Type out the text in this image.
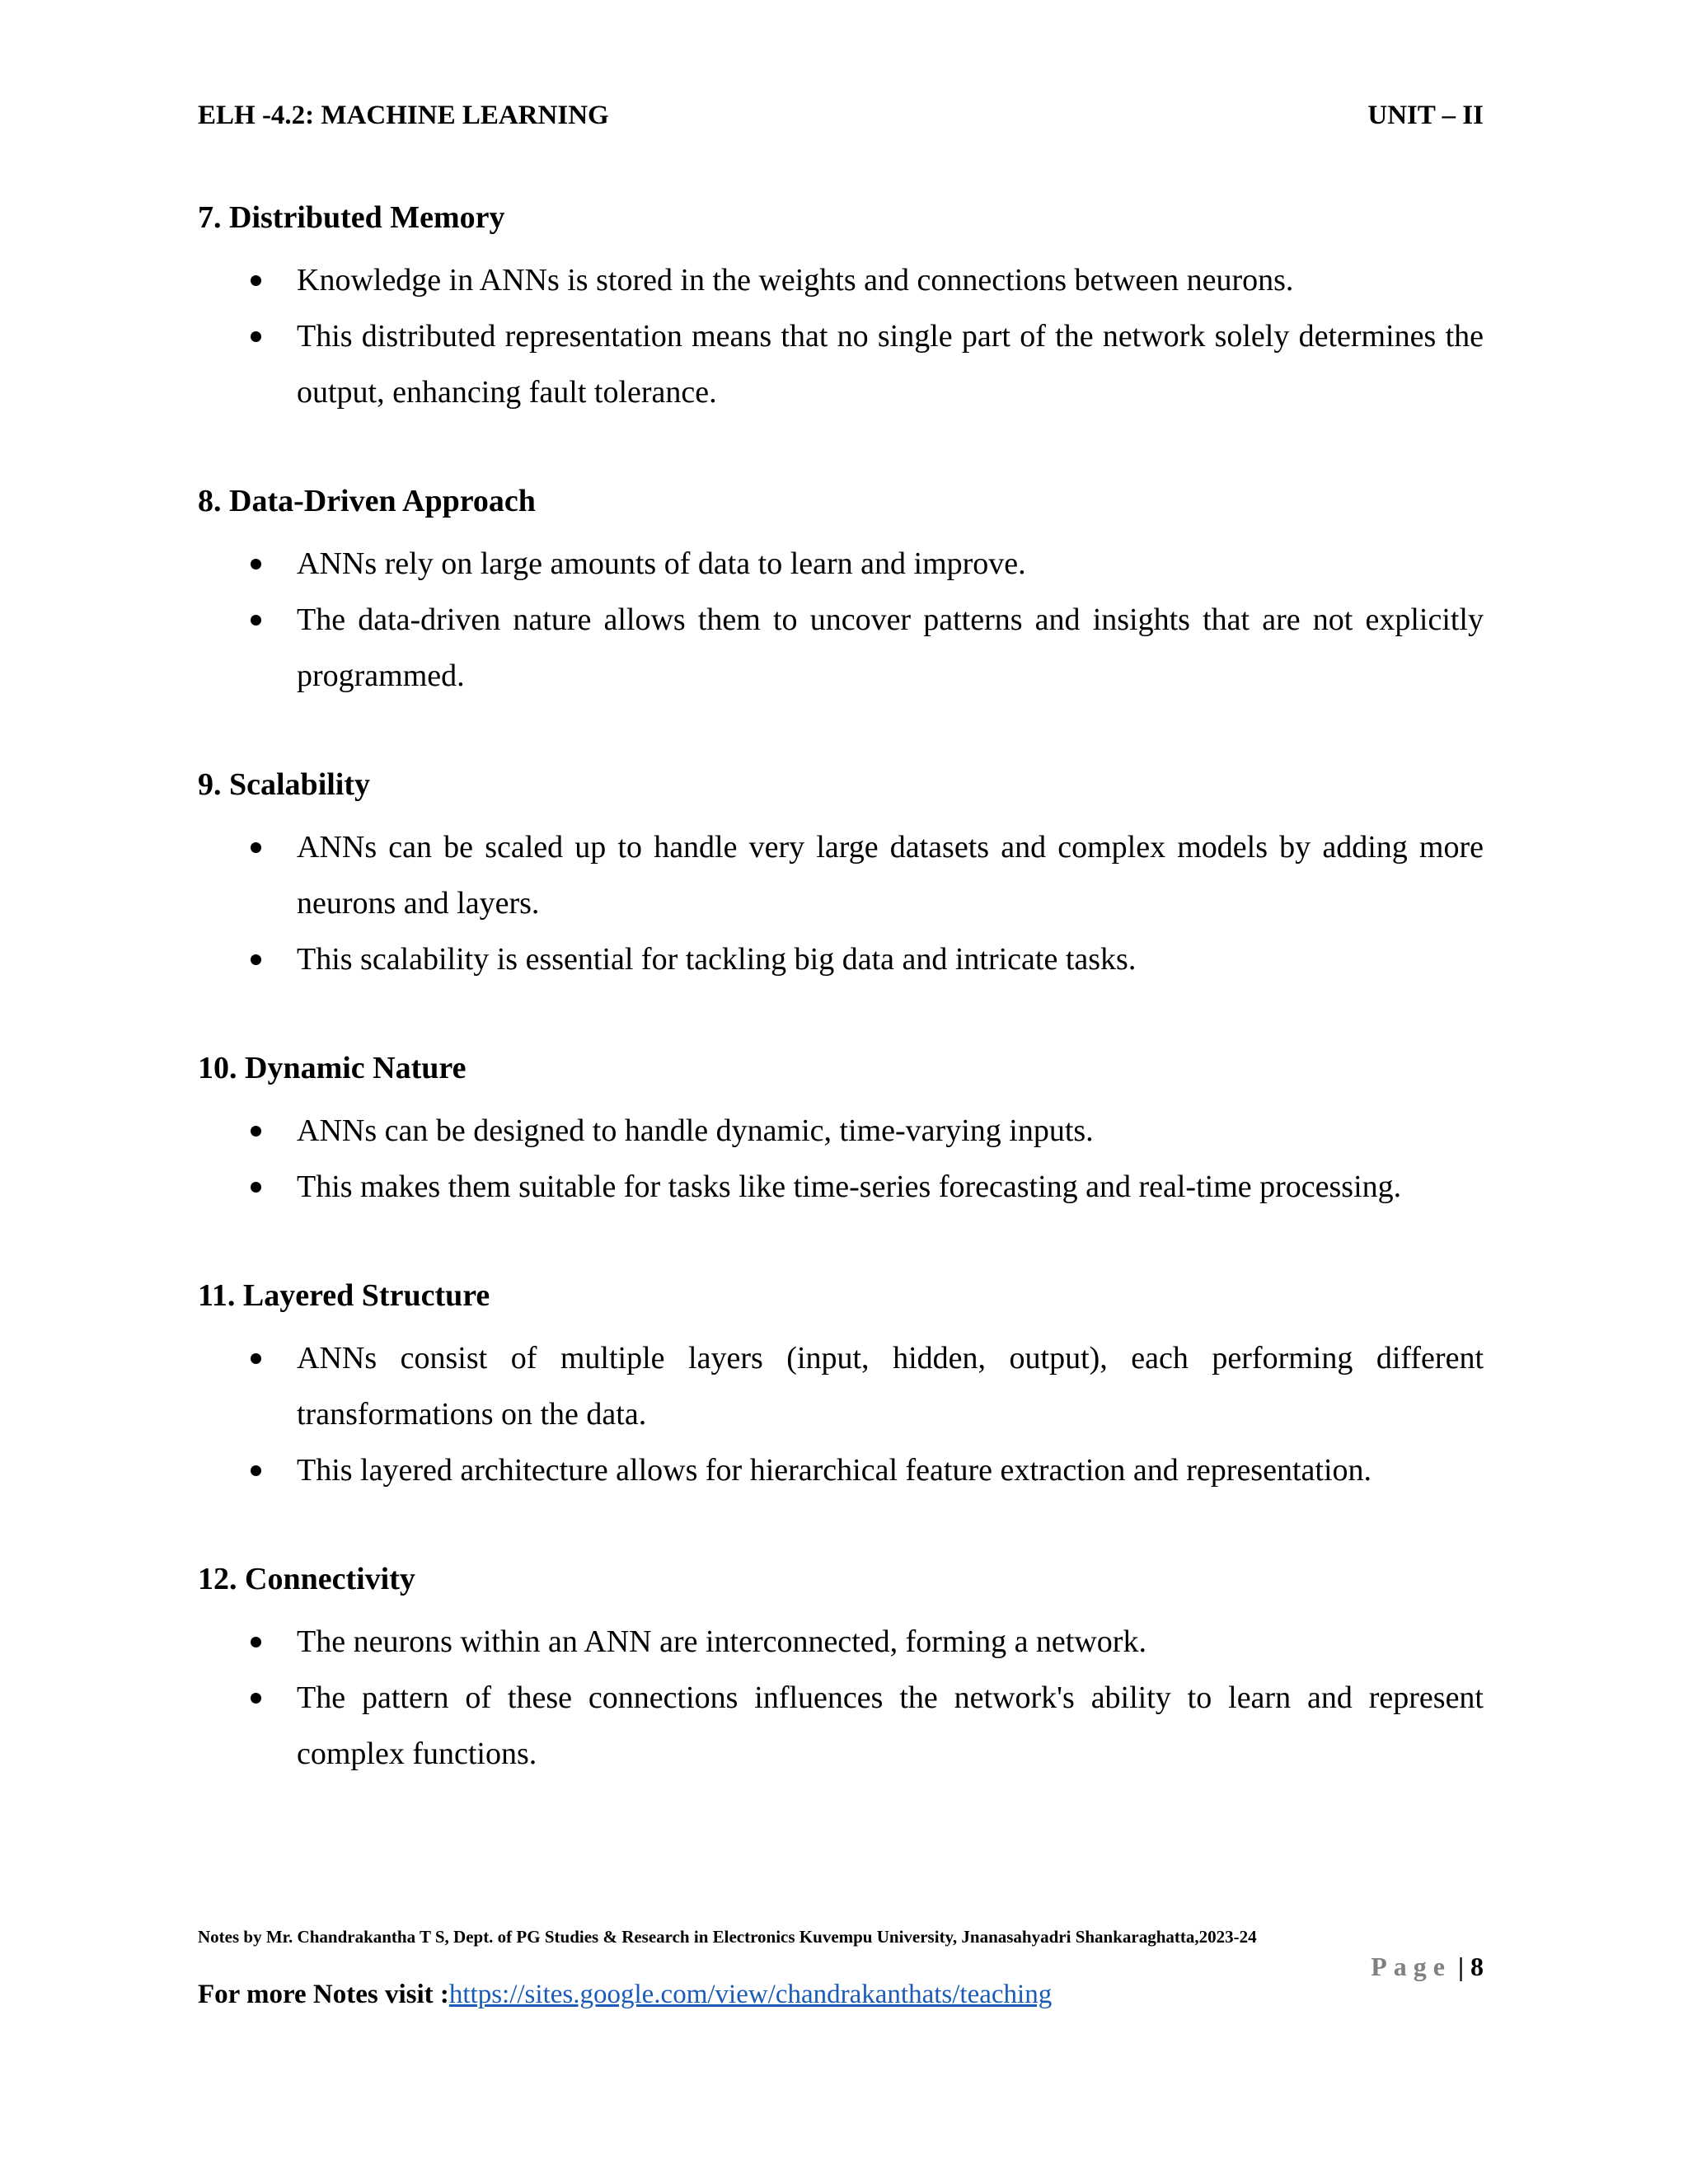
ELH -4.2: MACHINE LEARNING	UNIT – II
7. Distributed Memory
Knowledge in ANNs is stored in the weights and connections between neurons.
This distributed representation means that no single part of the network solely determines the output, enhancing fault tolerance.
8. Data-Driven Approach
ANNs rely on large amounts of data to learn and improve.
The data-driven nature allows them to uncover patterns and insights that are not explicitly programmed.
9. Scalability
ANNs can be scaled up to handle very large datasets and complex models by adding more neurons and layers.
This scalability is essential for tackling big data and intricate tasks.
10. Dynamic Nature
ANNs can be designed to handle dynamic, time-varying inputs.
This makes them suitable for tasks like time-series forecasting and real-time processing.
11. Layered Structure
ANNs consist of multiple layers (input, hidden, output), each performing different transformations on the data.
This layered architecture allows for hierarchical feature extraction and representation.
12. Connectivity
The neurons within an ANN are interconnected, forming a network.
The pattern of these connections influences the network's ability to learn and represent complex functions.
Notes by Mr. Chandrakantha T S, Dept. of PG Studies & Research in Electronics Kuvempu University, Jnanasahyadri Shankaraghatta,2023-24
Page | 8
For more Notes visit :https://sites.google.com/view/chandrakanthats/teaching
